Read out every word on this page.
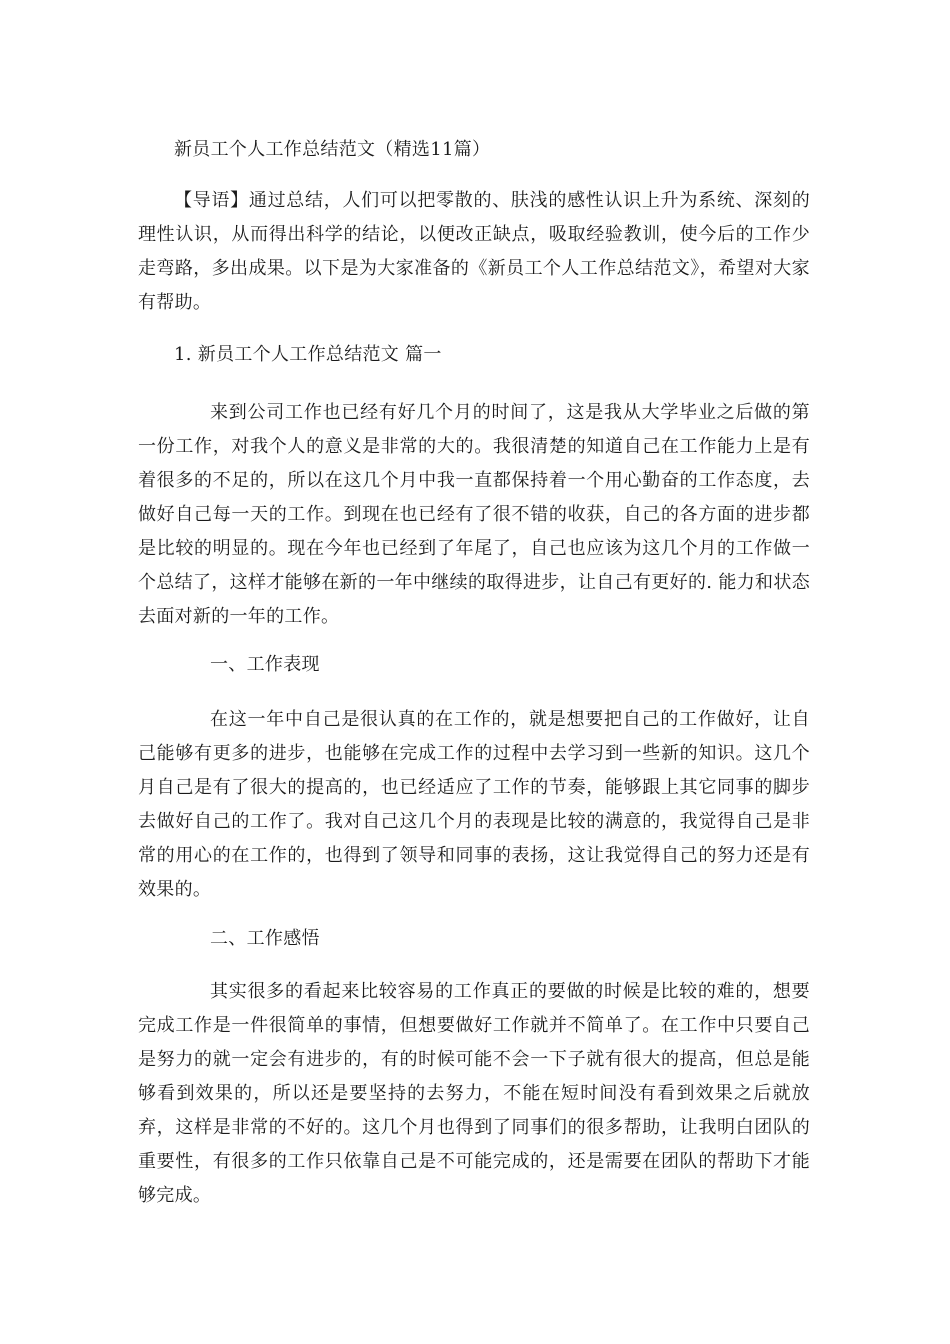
新员工个人工作总结范文（精选11篇）

【导语】通过总结，人们可以把零散的、肤浅的感性认识上升为系统、深刻的理性认识，从而得出科学的结论，以便改正缺点，吸取经验教训，使今后的工作少走弯路，多出成果。以下是为大家准备的《新员工个人工作总结范文》，希望对大家有帮助。

1. 新员工个人工作总结范文 篇一

来到公司工作也已经有好几个月的时间了，这是我从大学毕业之后做的第一份工作，对我个人的意义是非常的大的。我很清楚的知道自己在工作能力上是有着很多的不足的，所以在这几个月中我一直都保持着一个用心勤奋的工作态度，去做好自己每一天的工作。到现在也已经有了很不错的收获，自己的各方面的进步都是比较的明显的。现在今年也已经到了年尾了，自己也应该为这几个月的工作做一个总结了，这样才能够在新的一年中继续的取得进步，让自己有更好的. 能力和状态去面对新的一年的工作。

一、工作表现

在这一年中自己是很认真的在工作的，就是想要把自己的工作做好，让自己能够有更多的进步，也能够在完成工作的过程中去学习到一些新的知识。这几个月自己是有了很大的提高的，也已经适应了工作的节奏，能够跟上其它同事的脚步去做好自己的工作了。我对自己这几个月的表现是比较的满意的，我觉得自己是非常的用心的在工作的，也得到了领导和同事的表扬，这让我觉得自己的努力还是有效果的。

二、工作感悟

其实很多的看起来比较容易的工作真正的要做的时候是比较的难的，想要完成工作是一件很简单的事情，但想要做好工作就并不简单了。在工作中只要自己是努力的就一定会有进步的，有的时候可能不会一下子就有很大的提高，但总是能够看到效果的，所以还是要坚持的去努力，不能在短时间没有看到效果之后就放弃，这样是非常的不好的。这几个月也得到了同事们的很多帮助，让我明白团队的重要性，有很多的工作只依靠自己是不可能完成的，还是需要在团队的帮助下才能够完成。
